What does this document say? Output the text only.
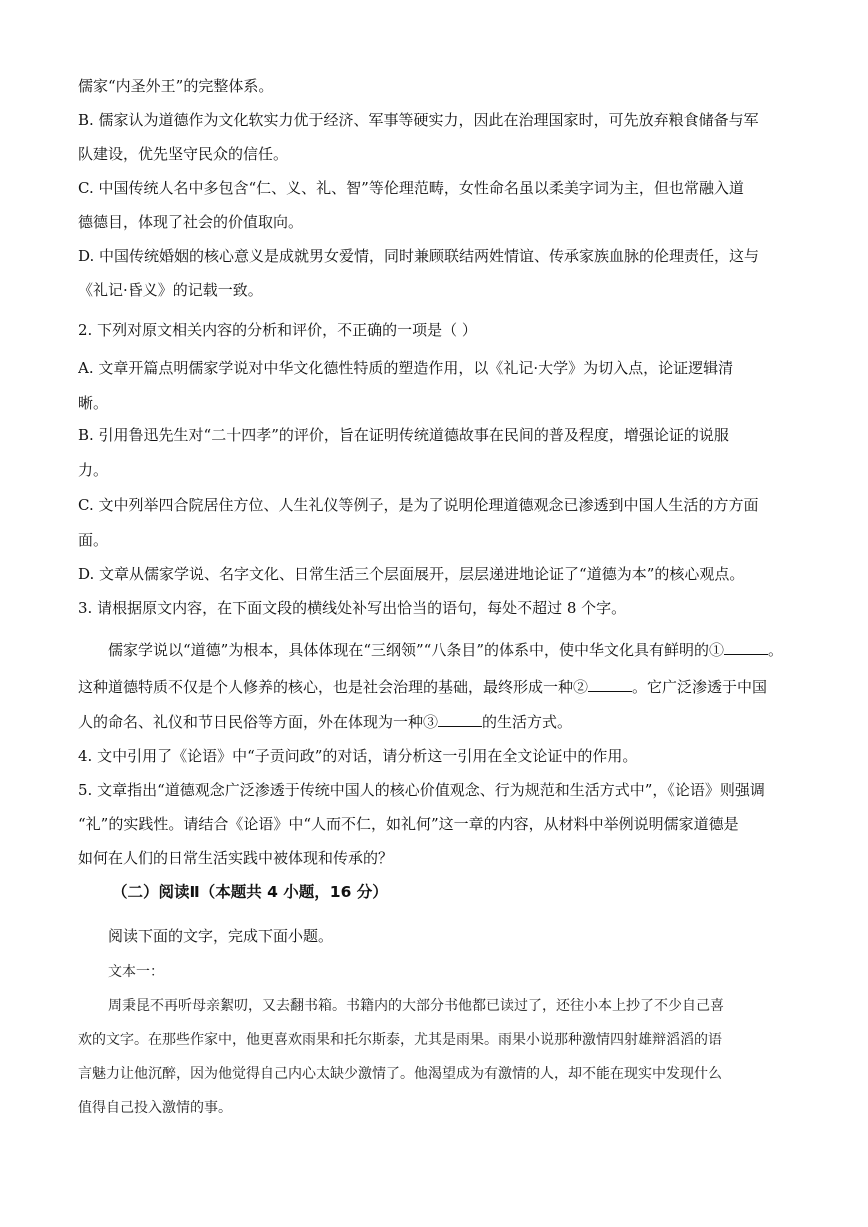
儒家“内圣外王”的完整体系。
B. 儒家认为道德作为文化软实力优于经济、军事等硬实力，因此在治理国家时，可先放弃粮食储备与军
队建设，优先坚守民众的信任。
C. 中国传统人名中多包含“仁、义、礼、智”等伦理范畴，女性命名虽以柔美字词为主，但也常融入道
德德目，体现了社会的价值取向。
D. 中国传统婚姻的核心意义是成就男女爱情，同时兼顾联结两姓情谊、传承家族血脉的伦理责任，这与
《礼记·昏义》的记载一致。
2. 下列对原文相关内容的分析和评价，不正确的一项是（ ）
A. 文章开篇点明儒家学说对中华文化德性特质的塑造作用，以《礼记·大学》为切入点，论证逻辑清
晰。
B. 引用鲁迅先生对“二十四孝”的评价，旨在证明传统道德故事在民间的普及程度，增强论证的说服
力。
C. 文中列举四合院居住方位、人生礼仪等例子，是为了说明伦理道德观念已渗透到中国人生活的方方面
面。
D. 文章从儒家学说、名字文化、日常生活三个层面展开，层层递进地论证了“道德为本”的核心观点。
3. 请根据原文内容，在下面文段的横线处补写出恰当的语句，每处不超过 8 个字。
儒家学说以“道德”为根本，具体体现在“三纲领”“八条目”的体系中，使中华文化具有鲜明的①	。
这种道德特质不仅是个人修养的核心，也是社会治理的基础，最终形成一种②	。它广泛渗透于中国
人的命名、礼仪和节日民俗等方面，外在体现为一种③	的生活方式。
4. 文中引用了《论语》中“子贡问政”的对话，请分析这一引用在全文论证中的作用。
5. 文章指出“道德观念广泛渗透于传统中国人的核心价值观念、行为规范和生活方式中”，《论语》则强调
“礼”的实践性。请结合《论语》中“人而不仁，如礼何”这一章的内容，从材料中举例说明儒家道德是
如何在人们的日常生活实践中被体现和传承的？
（二）阅读Ⅱ（本题共 4 小题，16 分）
阅读下面的文字，完成下面小题。
文本一：
周秉昆不再听母亲絮叨，又去翻书箱。书籍内的大部分书他都已读过了，还往小本上抄了不少自己喜
欢的文字。在那些作家中，他更喜欢雨果和托尔斯泰，尤其是雨果。雨果小说那种激情四射雄辩滔滔的语
言魅力让他沉醉，因为他觉得自己内心太缺少激情了。他渴望成为有激情的人，却不能在现实中发现什么
值得自己投入激情的事。
